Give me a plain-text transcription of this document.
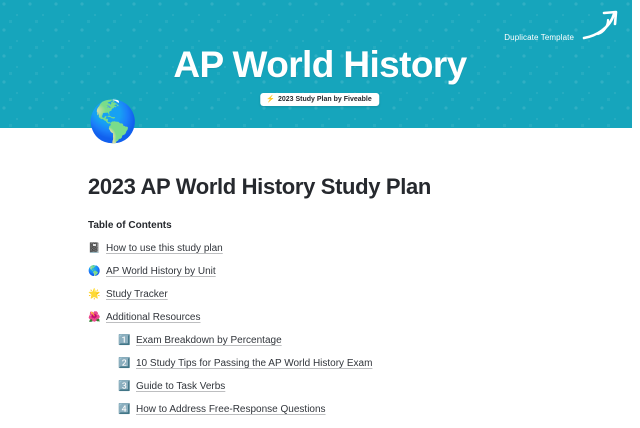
AP World History
⚡ 2023 Study Plan by Fiveable
Duplicate Template
🌎
2023 AP World History Study Plan
Table of Contents
📓 How to use this study plan
🌎 AP World History by Unit
🌟 Study Tracker
🌺 Additional Resources
1️⃣ Exam Breakdown by Percentage
2️⃣ 10 Study Tips for Passing the AP World History Exam
3️⃣ Guide to Task Verbs
4️⃣ How to Address Free-Response Questions
